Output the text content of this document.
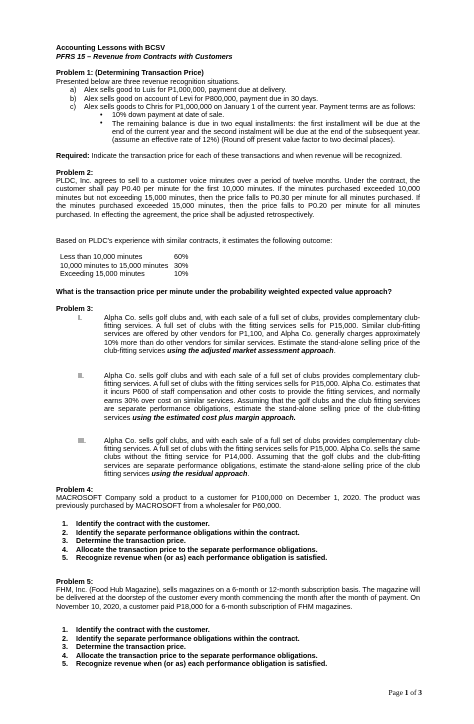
Accounting Lessons with BCSV
PFRS 15 – Revenue from Contracts with Customers
Problem 1: (Determining Transaction Price)
Presented below are three revenue recognition situations.
a) Alex sells good to Luis for P1,000,000, payment due at delivery.
b) Alex sells good on account of Levi for P800,000, payment due in 30 days.
c) Alex sells goods to Chris for P1,000,000 on January 1 of the current year. Payment terms are as follows:
• 10% down payment at date of sale.
• The remaining balance is due in two equal installments: the first installment will be due at the end of the current year and the second instalment will be due at the end of the subsequent year. (assume an effective rate of 12%) (Round off present value factor to two decimal places).
Required: Indicate the transaction price for each of these transactions and when revenue will be recognized.
Problem 2:
PLDC, Inc. agrees to sell to a customer voice minutes over a period of twelve months. Under the contract, the customer shall pay P0.40 per minute for the first 10,000 minutes. If the minutes purchased exceeded 10,000 minutes but not exceeding 15,000 minutes, then the price falls to P0.30 per minute for all minutes purchased. If the minutes purchased exceeded 15,000 minutes, then the price falls to P0.20 per minute for all minutes purchased. In effecting the agreement, the price shall be adjusted retrospectively.
Based on PLDC's experience with similar contracts, it estimates the following outcome:
Less than 10,000 minutes	60%
10,000 minutes to 15,000 minutes 30%
Exceeding 15,000 minutes	10%
What is the transaction price per minute under the probability weighted expected value approach?
Problem 3:
I.	Alpha Co. sells golf clubs and, with each sale of a full set of clubs, provides complementary club-fitting services. A full set of clubs with the fitting services sells for P15,000. Similar club-fitting services are offered by other vendors for P1,100, and Alpha Co. generally charges approximately 10% more than do other vendors for similar services. Estimate the stand-alone selling price of the club-fitting services using the adjusted market assessment approach.
II.	Alpha Co. sells golf clubs and with each sale of a full set of clubs provides complementary club-fitting services. A full set of clubs with the fitting services sells for P15,000. Alpha Co. estimates that it incurs P600 of staff compensation and other costs to provide the fitting services, and normally earns 30% over cost on similar services. Assuming that the golf clubs and the club fitting services are separate performance obligations, estimate the stand-alone selling price of the club-fitting services using the estimated cost plus margin approach.
III.	Alpha Co. sells golf clubs, and with each sale of a full set of clubs provides complementary club-fitting services. A full set of clubs with the fitting services sells for P15,000. Alpha Co. sells the same clubs without the fitting service for P14,000. Assuming that the golf clubs and the club-fitting services are separate performance obligations, estimate the stand-alone selling price of the club fitting services using the residual approach.
Problem 4:
MACROSOFT Company sold a product to a customer for P100,000 on December 1, 2020. The product was previously purchased by MACROSOFT from a wholesaler for P60,000.
1. Identify the contract with the customer.
2. Identify the separate performance obligations within the contract.
3. Determine the transaction price.
4. Allocate the transaction price to the separate performance obligations.
5. Recognize revenue when (or as) each performance obligation is satisfied.
Problem 5:
FHM, Inc. (Food Hub Magazine), sells magazines on a 6-month or 12-month subscription basis. The magazine will be delivered at the doorstep of the customer every month commencing the month after the month of payment. On November 10, 2020, a customer paid P18,000 for a 6-month subscription of FHM magazines.
1. Identify the contract with the customer.
2. Identify the separate performance obligations within the contract.
3. Determine the transaction price.
4. Allocate the transaction price to the separate performance obligations.
5. Recognize revenue when (or as) each performance obligation is satisfied.
Page 1 of 3
